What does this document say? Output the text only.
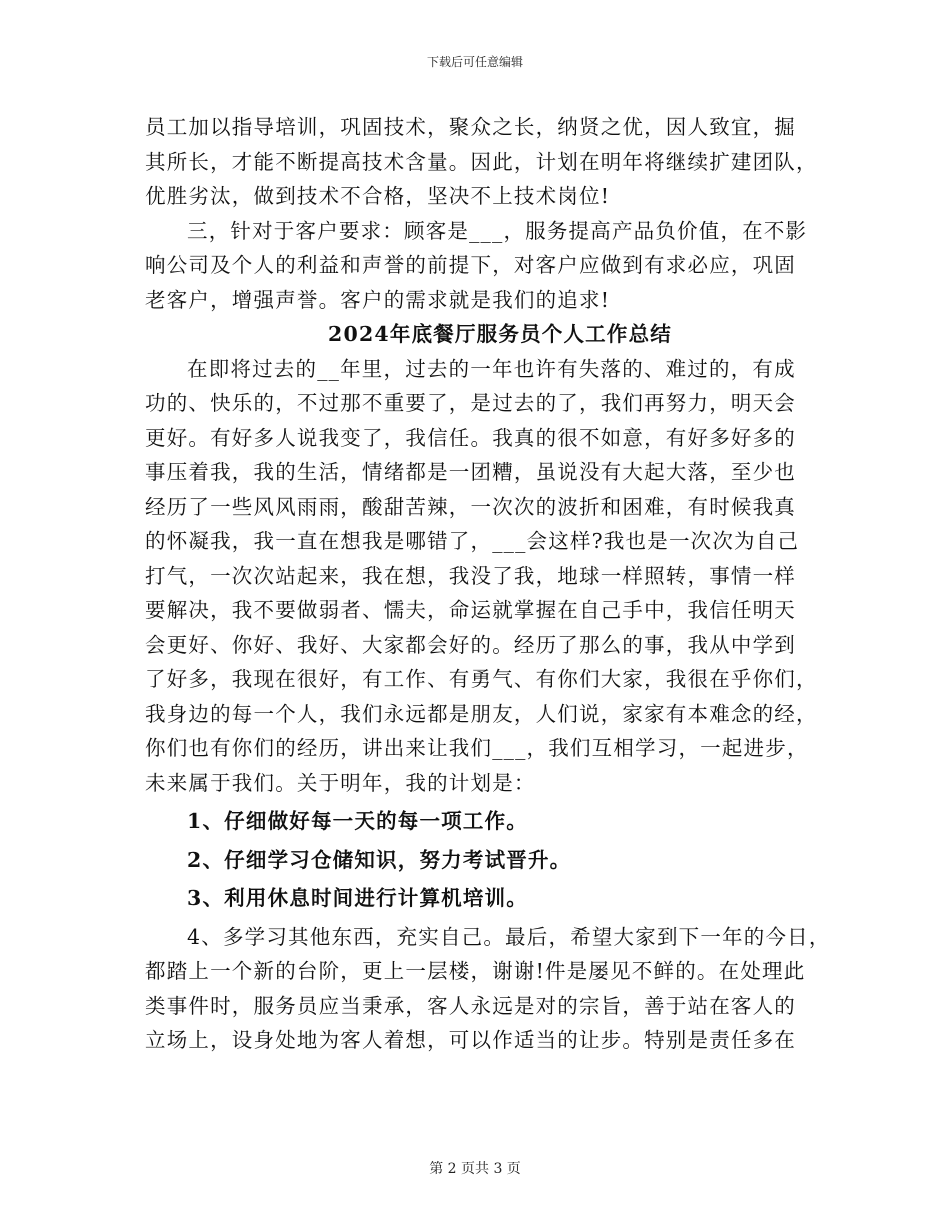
下载后可任意编辑
员工加以指导培训，巩固技术，聚众之长，纳贤之优，因人致宜，掘
其所长，才能不断提高技术含量。因此，计划在明年将继续扩建团队，
优胜劣汰，做到技术不合格，坚决不上技术岗位!
三，针对于客户要求：顾客是___，服务提高产品负价值，在不影
响公司及个人的利益和声誉的前提下，对客户应做到有求必应，巩固
老客户，增强声誉。客户的需求就是我们的追求!
2024年底餐厅服务员个人工作总结
在即将过去的__年里，过去的一年也许有失落的、难过的，有成
功的、快乐的，不过那不重要了，是过去的了，我们再努力，明天会
更好。有好多人说我变了，我信任。我真的很不如意，有好多好多的
事压着我，我的生活，情绪都是一团糟，虽说没有大起大落，至少也
经历了一些风风雨雨，酸甜苦辣，一次次的波折和困难，有时候我真
的怀凝我，我一直在想我是哪错了，___会这样?我也是一次次为自己
打气，一次次站起来，我在想，我没了我，地球一样照转，事情一样
要解决，我不要做弱者、懦夫，命运就掌握在自己手中，我信任明天
会更好、你好、我好、大家都会好的。经历了那么的事，我从中学到
了好多，我现在很好，有工作、有勇气、有你们大家，我很在乎你们，
我身边的每一个人，我们永远都是朋友，人们说，家家有本难念的经，
你们也有你们的经历，讲出来让我们___，我们互相学习，一起进步，
未来属于我们。关于明年，我的计划是：
1、仔细做好每一天的每一项工作。
2、仔细学习仓储知识，努力考试晋升。
3、利用休息时间进行计算机培训。
4、多学习其他东西，充实自己。最后，希望大家到下一年的今日，
都踏上一个新的台阶，更上一层楼，谢谢!件是屡见不鲜的。在处理此
类事件时，服务员应当秉承，客人永远是对的宗旨，善于站在客人的
立场上，设身处地为客人着想，可以作适当的让步。特别是责任多在
第 2 页共 3 页
